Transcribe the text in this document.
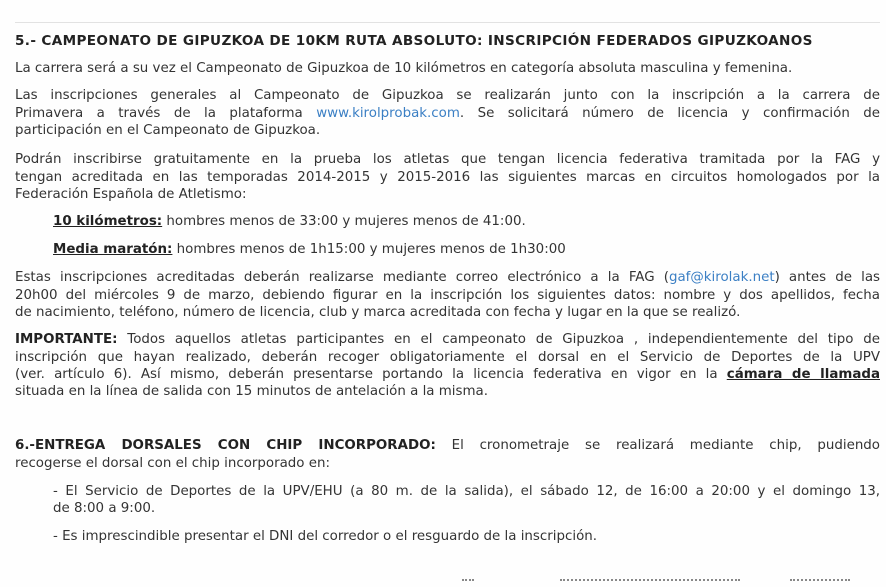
5.- CAMPEONATO DE GIPUZKOA DE 10KM RUTA ABSOLUTO: INSCRIPCIÓN FEDERADOS GIPUZKOANOS
La carrera será a su vez el Campeonato de Gipuzkoa de 10 kilómetros en categoría absoluta masculina y femenina.
Las inscripciones generales al Campeonato de Gipuzkoa se realizarán junto con la inscripción a la carrera de
Primavera a través de la plataforma www.kirolprobak.com. Se solicitará número de licencia y confirmación de
participación en el Campeonato de Gipuzkoa.
Podrán inscribirse gratuitamente en la prueba los atletas que tengan licencia federativa tramitada por la FAG y
tengan acreditada en las temporadas 2014-2015 y 2015-2016 las siguientes marcas en circuitos homologados por la
Federación Española de Atletismo:
10 kilómetros: hombres menos de 33:00 y mujeres menos de 41:00.
Media maratón: hombres menos de 1h15:00 y mujeres menos de 1h30:00
Estas inscripciones acreditadas deberán realizarse mediante correo electrónico a la FAG (gaf@kirolak.net) antes de las
20h00 del miércoles 9 de marzo, debiendo figurar en la inscripción los siguientes datos: nombre y dos apellidos, fecha
de nacimiento, teléfono, número de licencia, club y marca acreditada con fecha y lugar en la que se realizó.
IMPORTANTE: Todos aquellos atletas participantes en el campeonato de Gipuzkoa , independientemente del tipo de
inscripción que hayan realizado, deberán recoger obligatoriamente el dorsal en el Servicio de Deportes de la UPV
(ver. artículo 6). Así mismo, deberán presentarse portando la licencia federativa en vigor en la cámara de llamada
situada en la línea de salida con 15 minutos de antelación a la misma.
6.-ENTREGA DORSALES CON CHIP INCORPORADO: El cronometraje se realizará mediante chip, pudiendo
recogerse el dorsal con el chip incorporado en:
- El Servicio de Deportes de la UPV/EHU (a 80 m. de la salida), el sábado 12, de 16:00 a 20:00 y el domingo 13,
de 8:00 a 9:00.
- Es imprescindible presentar el DNI del corredor o el resguardo de la inscripción.
